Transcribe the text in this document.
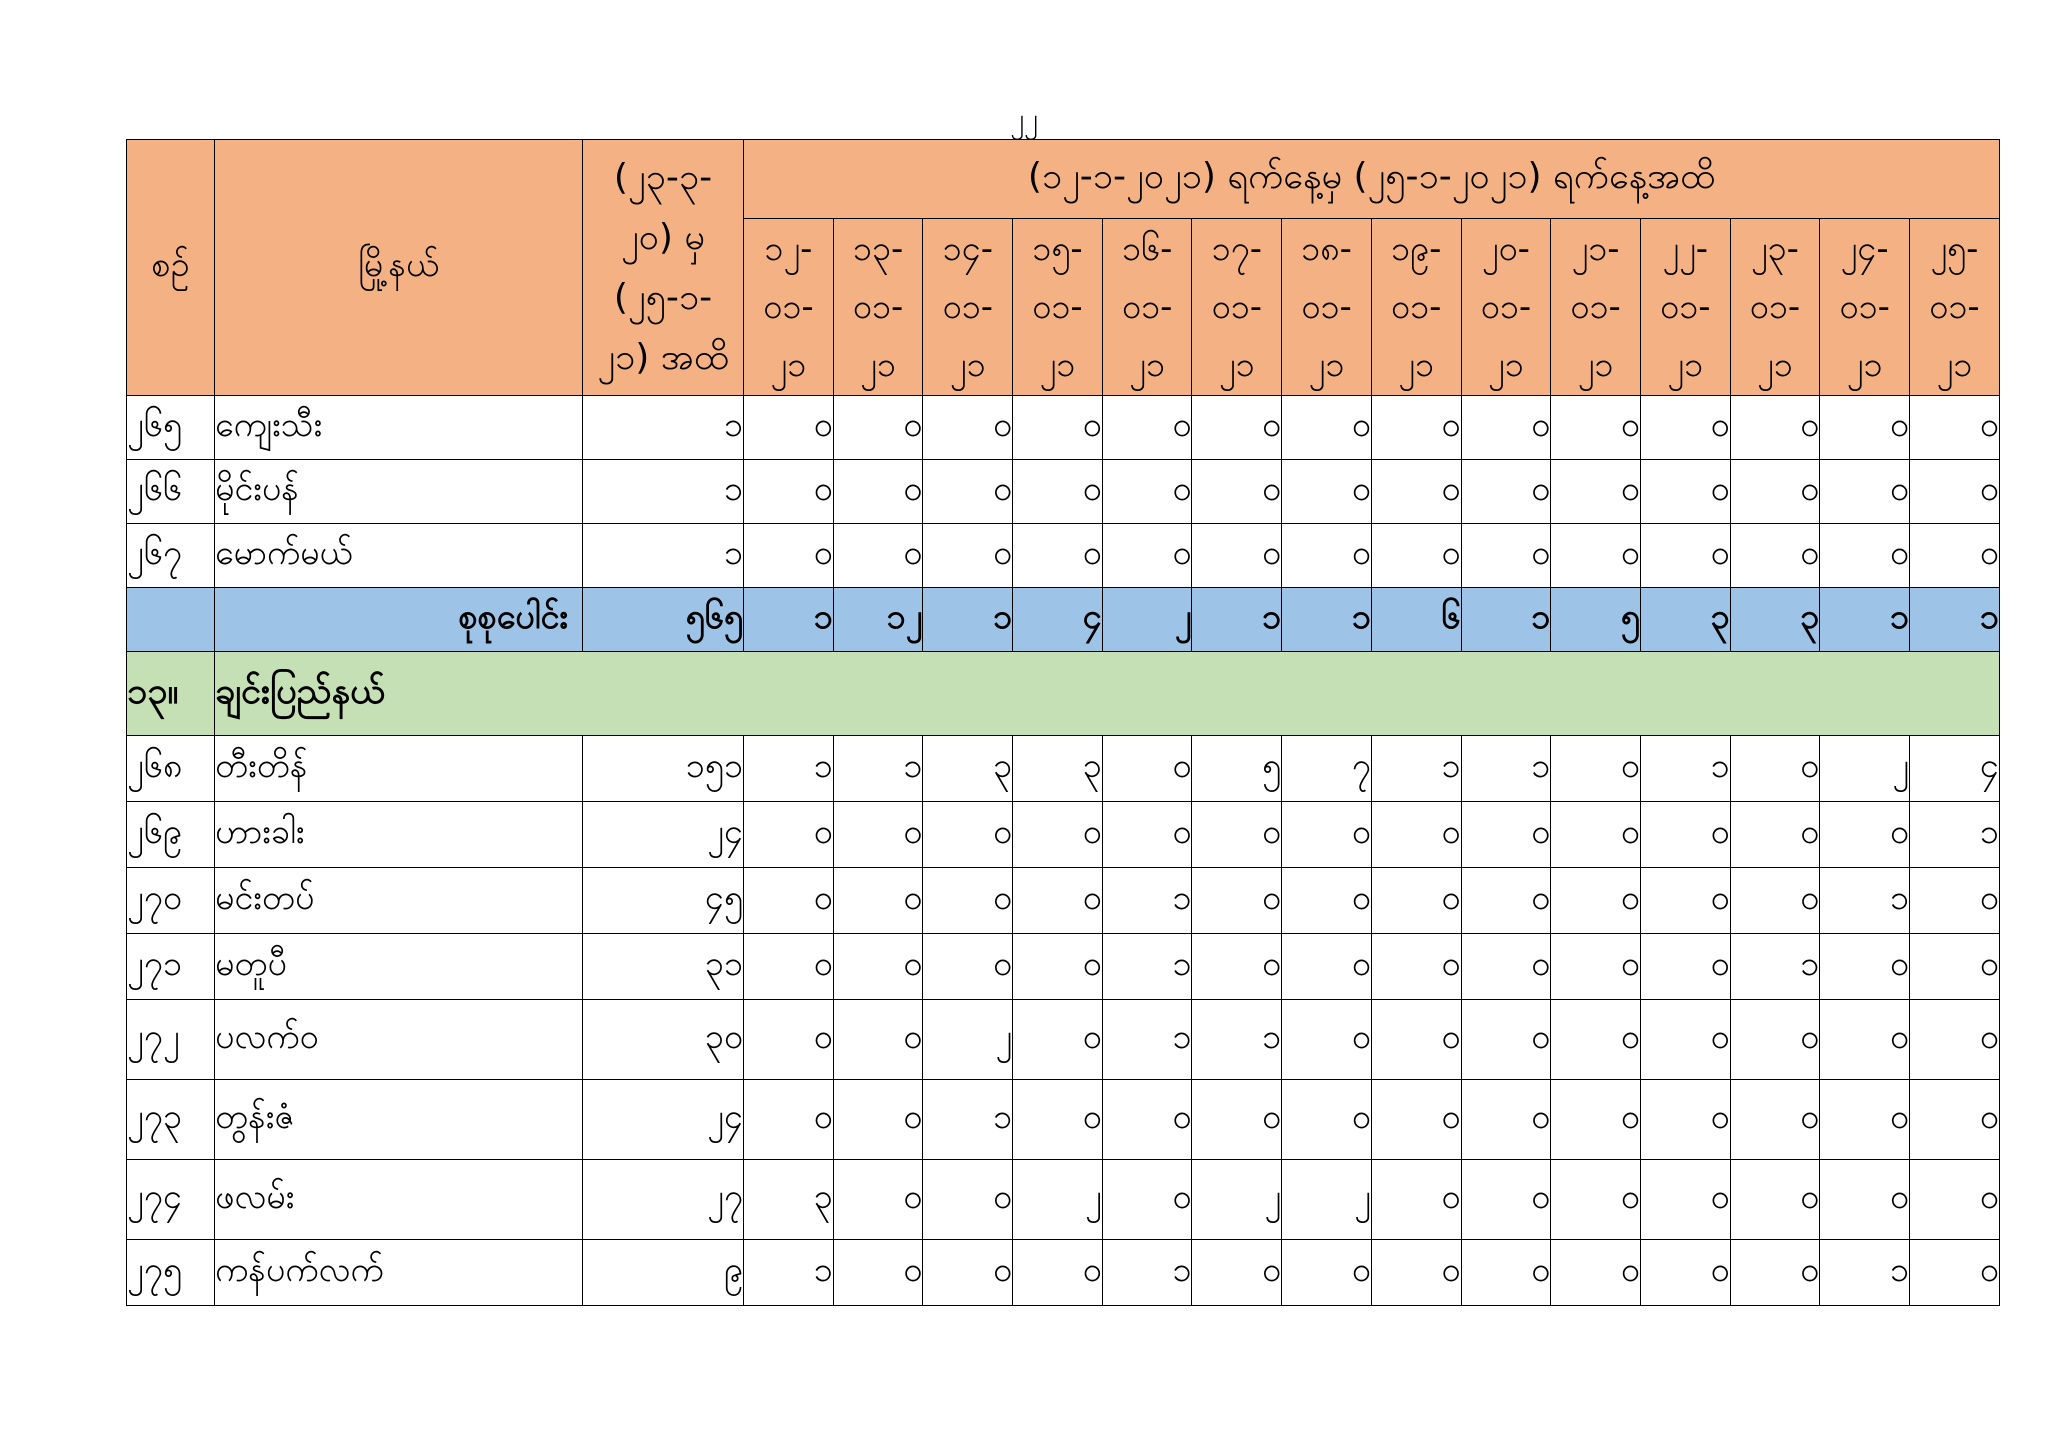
၂၂
စဉ်	မြို့နယ်	(၂၃-၃-
၂၀) မှ
(၂၅-၁-
၂၁) အထိ	(၁၂-၁-၂၀၂၁) ရက်နေ့မှ (၂၅-၁-၂၀၂၁) ရက်နေ့အထိ													
			၁၂-
၀၁-
၂၁	၁၃-
၀၁-
၂၁	၁၄-
၀၁-
၂၁	၁၅-
၀၁-
၂၁	၁၆-
၀၁-
၂၁	၁၇-
၀၁-
၂၁	၁၈-
၀၁-
၂၁	၁၉-
၀၁-
၂၁	၂၀-
၀၁-
၂၁	၂၁-
၀၁-
၂၁	၂၂-
၀၁-
၂၁	၂၃-
၀၁-
၂၁	၂၄-
၀၁-
၂၁	၂၅-
၀၁-
၂၁
၂၆၅	ကျေးသီး	၁	၀	၀	၀	၀	၀	၀	၀	၀	၀	၀	၀	၀	၀	၀
၂၆၆	မိုင်းပန်	၁	၀	၀	၀	၀	၀	၀	၀	၀	၀	၀	၀	၀	၀	၀
၂၆၇	မောက်မယ်	၁	၀	၀	၀	၀	၀	၀	၀	၀	၀	၀	၀	၀	၀	၀
	စုစုပေါင်း	၅၆၅	၁	၁၂	၁	၄	၂	၁	၁	၆	၁	၅	၃	၃	၁	၁
၁၃။	ချင်းပြည်နယ်															
၂၆၈	တီးတိန်	၁၅၁	၁	၁	၃	၃	၀	၅	၇	၁	၁	၀	၁	၀	၂	၄
၂၆၉	ဟားခါး	၂၄	၀	၀	၀	၀	၀	၀	၀	၀	၀	၀	၀	၀	၀	၁
၂၇၀	မင်းတပ်	၄၅	၀	၀	၀	၀	၁	၀	၀	၀	၀	၀	၀	၀	၁	၀
၂၇၁	မတူပီ	၃၁	၀	၀	၀	၀	၁	၀	၀	၀	၀	၀	၀	၁	၀	၀
၂၇၂	ပလက်ဝ	၃၀	၀	၀	၂	၀	၁	၁	၀	၀	၀	၀	၀	၀	၀	၀
၂၇၃	တွန်းဇံ	၂၄	၀	၀	၁	၀	၀	၀	၀	၀	၀	၀	၀	၀	၀	၀
၂၇၄	ဖလမ်း	၂၇	၃	၀	၀	၂	၀	၂	၂	၀	၀	၀	၀	၀	၀	၀
၂၇၅	ကန်ပက်လက်	၉	၁	၀	၀	၀	၁	၀	၀	၀	၀	၀	၀	၀	၁	၀
